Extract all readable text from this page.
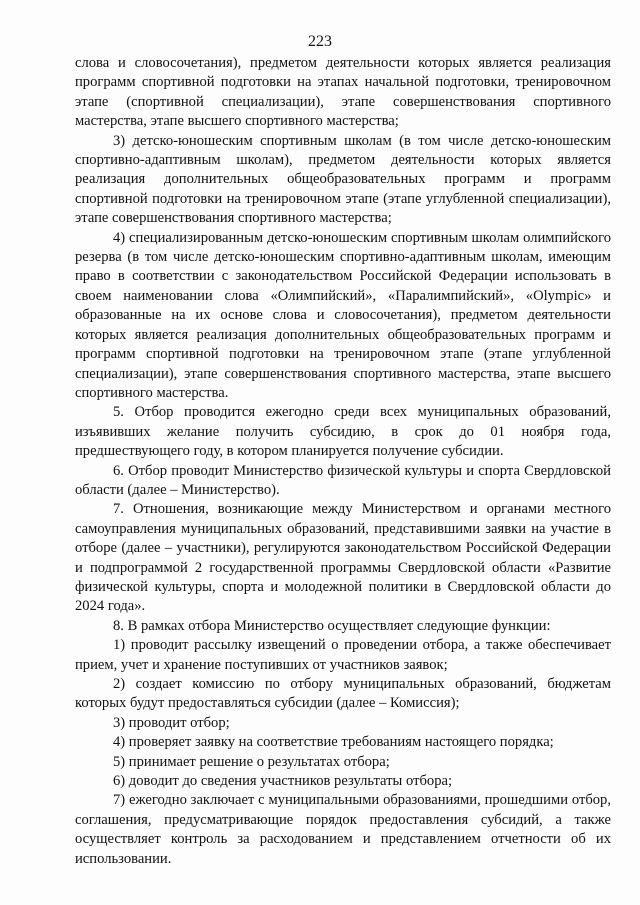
223

слова и словосочетания), предметом деятельности которых является реализация программ спортивной подготовки на этапах начальной подготовки, тренировочном этапе (спортивной специализации), этапе совершенствования спортивного мастерства, этапе высшего спортивного мастерства;

3) детско-юношеским спортивным школам (в том числе детско-юношеским спортивно-адаптивным школам), предметом деятельности которых является реализация дополнительных общеобразовательных программ и программ спортивной подготовки на тренировочном этапе (этапе углубленной специализации), этапе совершенствования спортивного мастерства;

4) специализированным детско-юношеским спортивным школам олимпийского резерва (в том числе детско-юношеским спортивно-адаптивным школам, имеющим право в соответствии с законодательством Российской Федерации использовать в своем наименовании слова «Олимпийский», «Паралимпийский», «Olympic» и образованные на их основе слова и словосочетания), предметом деятельности которых является реализация дополнительных общеобразовательных программ и программ спортивной подготовки на тренировочном этапе (этапе углубленной специализации), этапе совершенствования спортивного мастерства, этапе высшего спортивного мастерства.

5. Отбор проводится ежегодно среди всех муниципальных образований, изъявивших желание получить субсидию, в срок до 01 ноября года, предшествующего году, в котором планируется получение субсидии.

6. Отбор проводит Министерство физической культуры и спорта Свердловской области (далее – Министерство).

7. Отношения, возникающие между Министерством и органами местного самоуправления муниципальных образований, представившими заявки на участие в отборе (далее – участники), регулируются законодательством Российской Федерации и подпрограммой 2 государственной программы Свердловской области «Развитие физической культуры, спорта и молодежной политики в Свердловской области до 2024 года».

8. В рамках отбора Министерство осуществляет следующие функции:

1) проводит рассылку извещений о проведении отбора, а также обеспечивает прием, учет и хранение поступивших от участников заявок;

2) создает комиссию по отбору муниципальных образований, бюджетам которых будут предоставляться субсидии (далее – Комиссия);

3) проводит отбор;

4) проверяет заявку на соответствие требованиям настоящего порядка;

5) принимает решение о результатах отбора;

6) доводит до сведения участников результаты отбора;

7) ежегодно заключает с муниципальными образованиями, прошедшими отбор, соглашения, предусматривающие порядок предоставления субсидий, а также осуществляет контроль за расходованием и представлением отчетности об их использовании.
